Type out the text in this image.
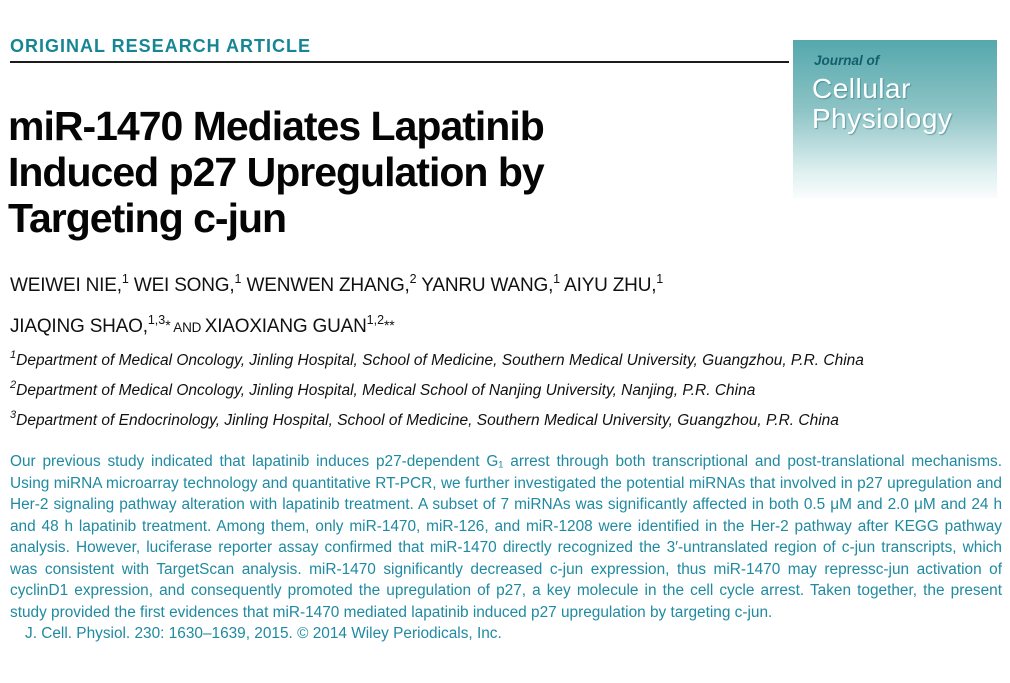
ORIGINAL RESEARCH ARTICLE
Journal of
Cellular
Physiology
miR-1470 Mediates Lapatinib
Induced p27 Upregulation by
Targeting c-jun
WEIWEI NIE,$^1$ WEI SONG,$^1$ WENWEN ZHANG,$^2$ YANRU WANG,$^1$ AIYU ZHU,$^1$
JIAQING SHAO,$^{1,3}$* AND XIAOXIANG GUAN$^{1,2}$**
$^1$Department of Medical Oncology, Jinling Hospital, School of Medicine, Southern Medical University, Guangzhou, P.R. China
$^2$Department of Medical Oncology, Jinling Hospital, Medical School of Nanjing University, Nanjing, P.R. China
$^3$Department of Endocrinology, Jinling Hospital, School of Medicine, Southern Medical University, Guangzhou, P.R. China

Our previous study indicated that lapatinib induces p27-dependent G₁ arrest through both transcriptional and post-translational mechanisms. Using miRNA microarray technology and quantitative RT-PCR, we further investigated the potential miRNAs that involved in p27 upregulation and Her-2 signaling pathway alteration with lapatinib treatment. A subset of 7 miRNAs was significantly affected in both 0.5 μM and 2.0 μM and 24 h and 48 h lapatinib treatment. Among them, only miR-1470, miR-126, and miR-1208 were identified in the Her-2 pathway after KEGG pathway analysis. However, luciferase reporter assay confirmed that miR-1470 directly recognized the 3′-untranslated region of c-jun transcripts, which was consistent with TargetScan analysis. miR-1470 significantly decreased c-jun expression, thus miR-1470 may repressc-jun activation of cyclinD1 expression, and consequently promoted the upregulation of p27, a key molecule in the cell cycle arrest. Taken together, the present study provided the first evidences that miR-1470 mediated lapatinib induced p27 upregulation by targeting c-jun.

J. Cell. Physiol. 230: 1630–1639, 2015. © 2014 Wiley Periodicals, Inc.
